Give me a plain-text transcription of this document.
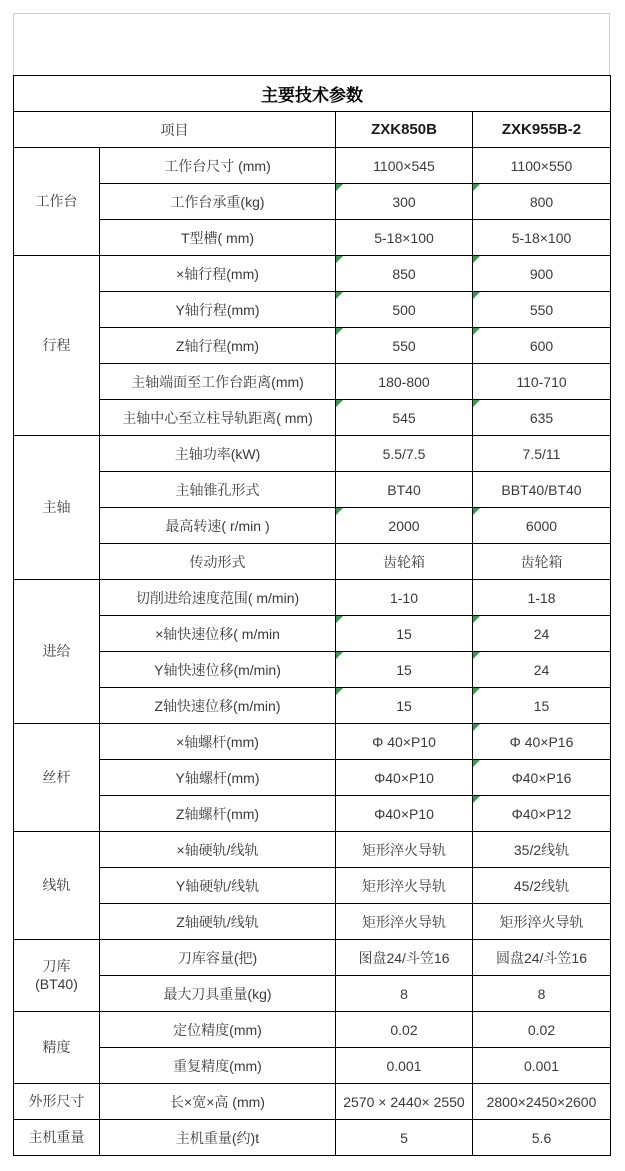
主要技术参数			
项目		ZXK850B	ZXK955B-2

工作台	工作台尺寸 (mm)	1100×545	1100×550
	工作台承重(kg)	300	800
	T型槽( mm)	5-18×100	5-18×100

行程	×轴行程(mm)	850	900
	Y轴行程(mm)	500	550
	Z轴行程(mm)	550	600
	主轴端面至工作台距离(mm)	180-800	110-710
	主轴中心至立柱导轨距离( mm)	545	635

主轴	主轴功率(kW)	5.5/7.5	7.5/11
	主轴锥孔形式	BT40	BBT40/BT40
	最高转速( r/min )	2000	6000
	传动形式	齿轮箱	齿轮箱

进给	切削进给速度范围( m/min)	1-10	1-18
	×轴快速位移( m/min	15	24
	Y轴快速位移(m/min)	15	24
	Z轴快速位移(m/min)	15	15

丝杆	×轴螺杆(mm)	Φ 40×P10	Φ 40×P16
	Y轴螺杆(mm)	Φ40×P10	Φ40×P16
	Z轴螺杆(mm)	Φ40×P10	Φ40×P12

线轨	×轴硬轨/线轨	矩形淬火导轨	35/2线轨
	Y轴硬轨/线轨	矩形淬火导轨	45/2线轨
	Z轴硬轨/线轨	矩形淬火导轨	矩形淬火导轨

刀库
(BT40)	刀库容量(把)	图盘24/斗笠16	圆盘24/斗笠16
	最大刀具重量(kg)	8	8

精度	定位精度(mm)	0.02	0.02
	重复精度(mm)	0.001	0.001

外形尺寸	长×宽×高 (mm)	2570 × 2440× 2550	2800×2450×2600

主机重量	主机重量(约)t	5	5.6
